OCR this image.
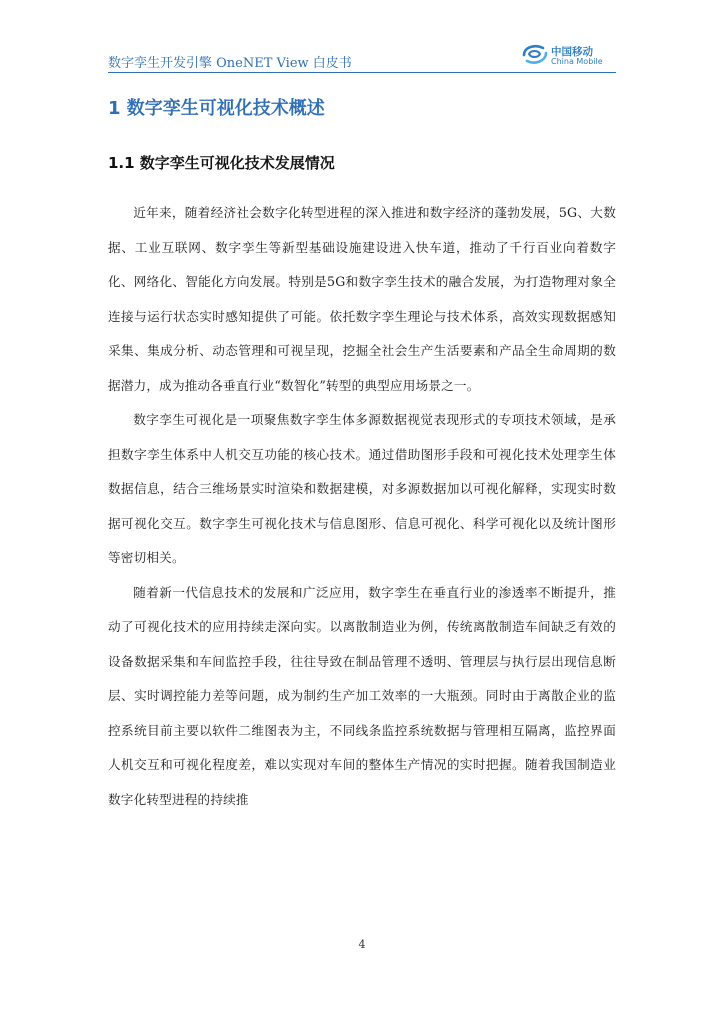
数字孪生开发引擎 OneNET View 白皮书
中国移动
China Mobile
1 数字孪生可视化技术概述
1.1 数字孪生可视化技术发展情况

近年来，随着经济社会数字化转型进程的深入推进和数字经济的蓬勃发展，5G、大数据、工业互联网、数字孪生等新型基础设施建设进入快车道，推动了千行百业向着数字化、网络化、智能化方向发展。特别是5G和数字孪生技术的融合发展，为打造物理对象全连接与运行状态实时感知提供了可能。依托数字孪生理论与技术体系，高效实现数据感知采集、集成分析、动态管理和可视呈现，挖掘全社会生产生活要素和产品全生命周期的数据潜力，成为推动各垂直行业“数智化”转型的典型应用场景之一。

数字孪生可视化是一项聚焦数字孪生体多源数据视觉表现形式的专项技术领域，是承担数字孪生体系中人机交互功能的核心技术。通过借助图形手段和可视化技术处理孪生体数据信息，结合三维场景实时渲染和数据建模，对多源数据加以可视化解释，实现实时数据可视化交互。数字孪生可视化技术与信息图形、信息可视化、科学可视化以及统计图形等密切相关。

随着新一代信息技术的发展和广泛应用，数字孪生在垂直行业的渗透率不断提升，推动了可视化技术的应用持续走深向实。以离散制造业为例，传统离散制造车间缺乏有效的设备数据采集和车间监控手段，往往导致在制品管理不透明、管理层与执行层出现信息断层、实时调控能力差等问题，成为制约生产加工效率的一大瓶颈。同时由于离散企业的监控系统目前主要以软件二维图表为主，不同线条监控系统数据与管理相互隔离，监控界面人机交互和可视化程度差，难以实现对车间的整体生产情况的实时把握。随着我国制造业数字化转型进程的持续推

4
